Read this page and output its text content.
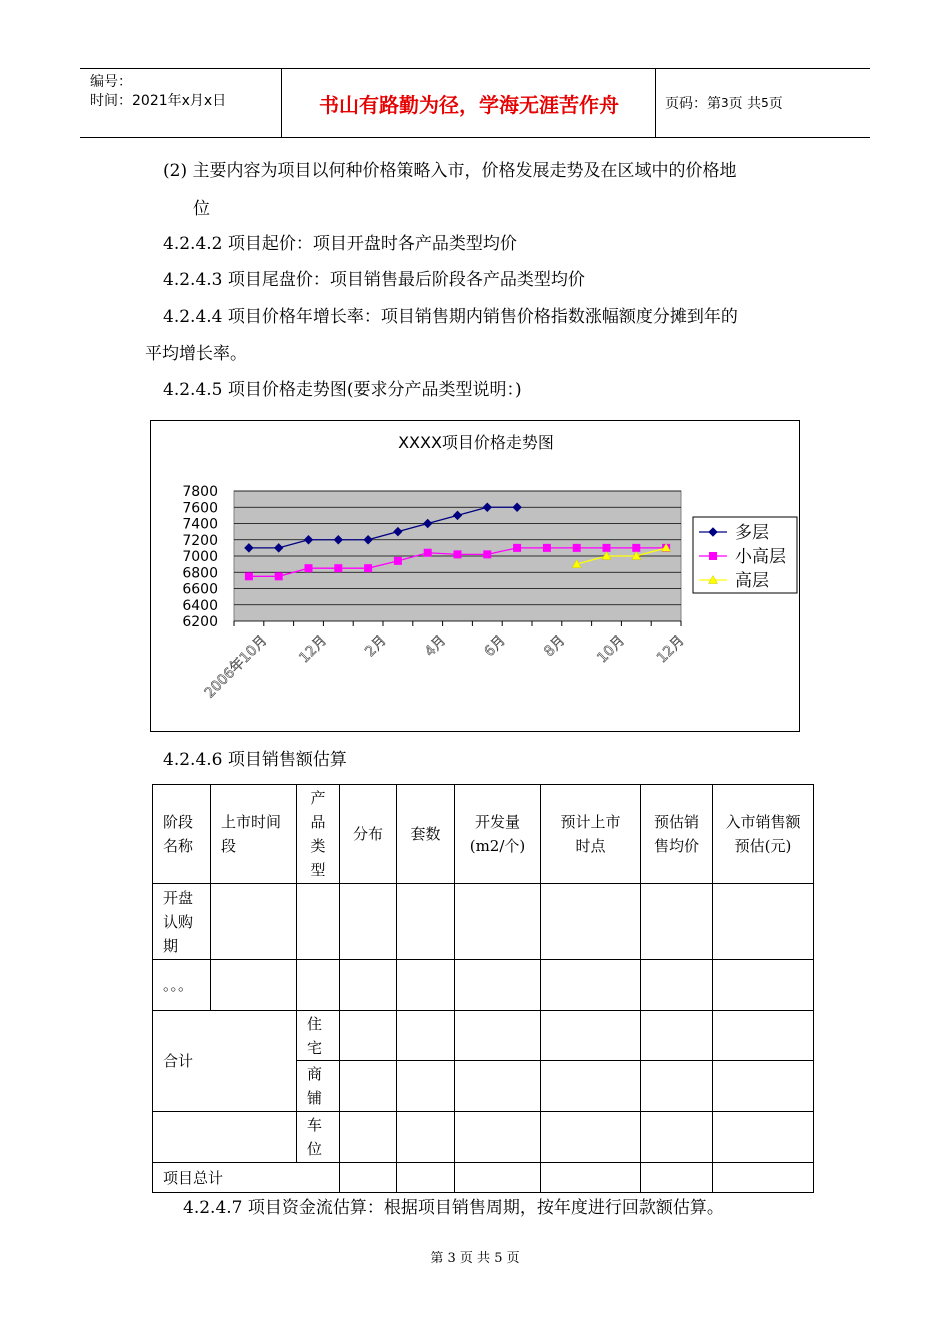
编号：
时间：2021年x月x日	书山有路勤为径，学海无涯苦作舟	页码：第 3 页 共 5 页
(2) 主要内容为项目以何种价格策略入市，价格发展走势及在区域中的价格地
位
4.2.4.2 项目起价：项目开盘时各产品类型均价
4.2.4.3 项目尾盘价：项目销售最后阶段各产品类型均价
4.2.4.4 项目价格年增长率：项目销售期内销售价格指数涨幅额度分摊到年的
平均增长率。
4.2.4.5 项目价格走势图(要求分产品类型说明：)
XXXX项目价格走势图
7800
7600
7400
7200
7000
6800
6600
6400
6200
2006年10月 12月 2月 4月 6月 8月 10月 12月
多层
小高层
高层
4.2.4.6 项目销售额估算
阶段名称	上市时间段	产品类型	分布	套数	开发量(m2/个)	预计上市时点	预估销售均价	入市销售额预估(元)
开盘认购期								
。。。								
合计		住宅						
		商铺						
		车位						
项目总计								
4.2.4.7 项目资金流估算：根据项目销售周期，按年度进行回款额估算。
第 3 页 共 5 页
